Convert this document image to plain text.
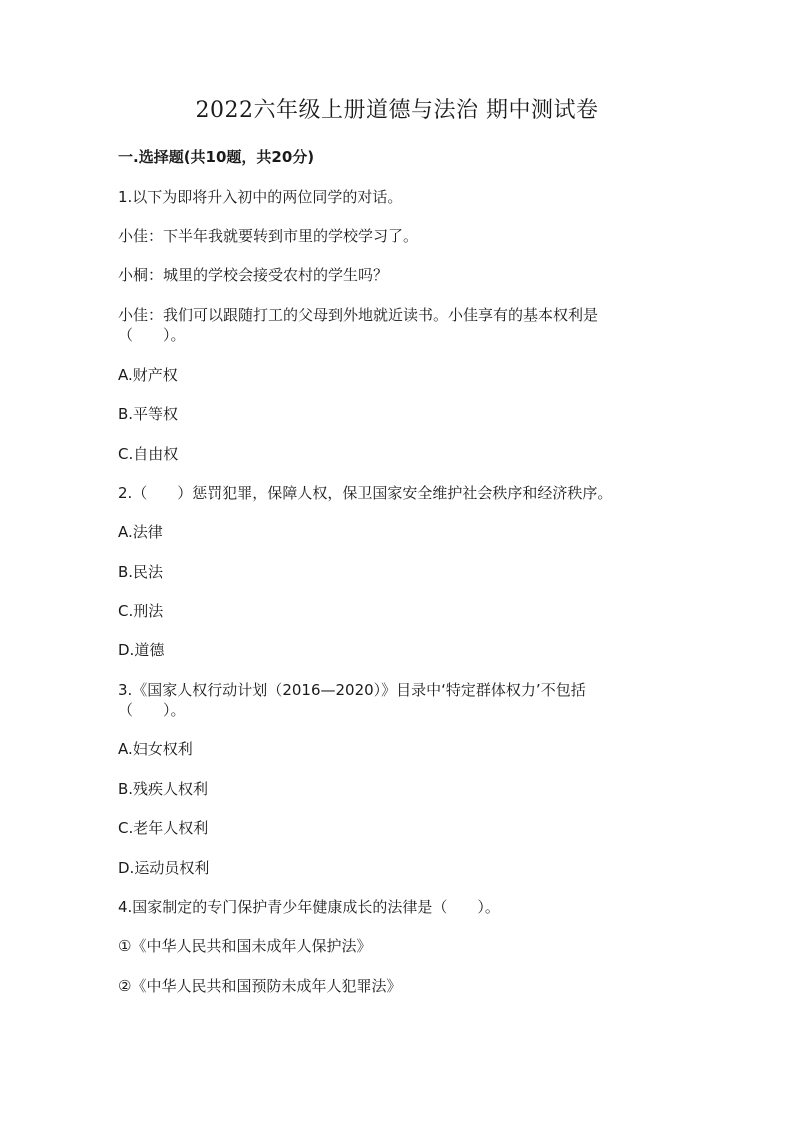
2022六年级上册道德与法治 期中测试卷
一.选择题(共10题，共20分)
1.以下为即将升入初中的两位同学的对话。
小佳：下半年我就要转到市里的学校学习了。
小桐：城里的学校会接受农村的学生吗？
小佳：我们可以跟随打工的父母到外地就近读书。小佳享有的基本权利是
（　　）。
A.财产权
B.平等权
C.自由权
2.（　　）惩罚犯罪，保障人权，保卫国家安全维护社会秩序和经济秩序。
A.法律
B.民法
C.刑法
D.道德
3.《国家人权行动计划（2016—2020）》目录中‘特定群体权力’不包括
（　　）。
A.妇女权利
B.残疾人权利
C.老年人权利
D.运动员权利
4.国家制定的专门保护青少年健康成长的法律是（　　）。
①《中华人民共和国未成年人保护法》
②《中华人民共和国预防未成年人犯罪法》
